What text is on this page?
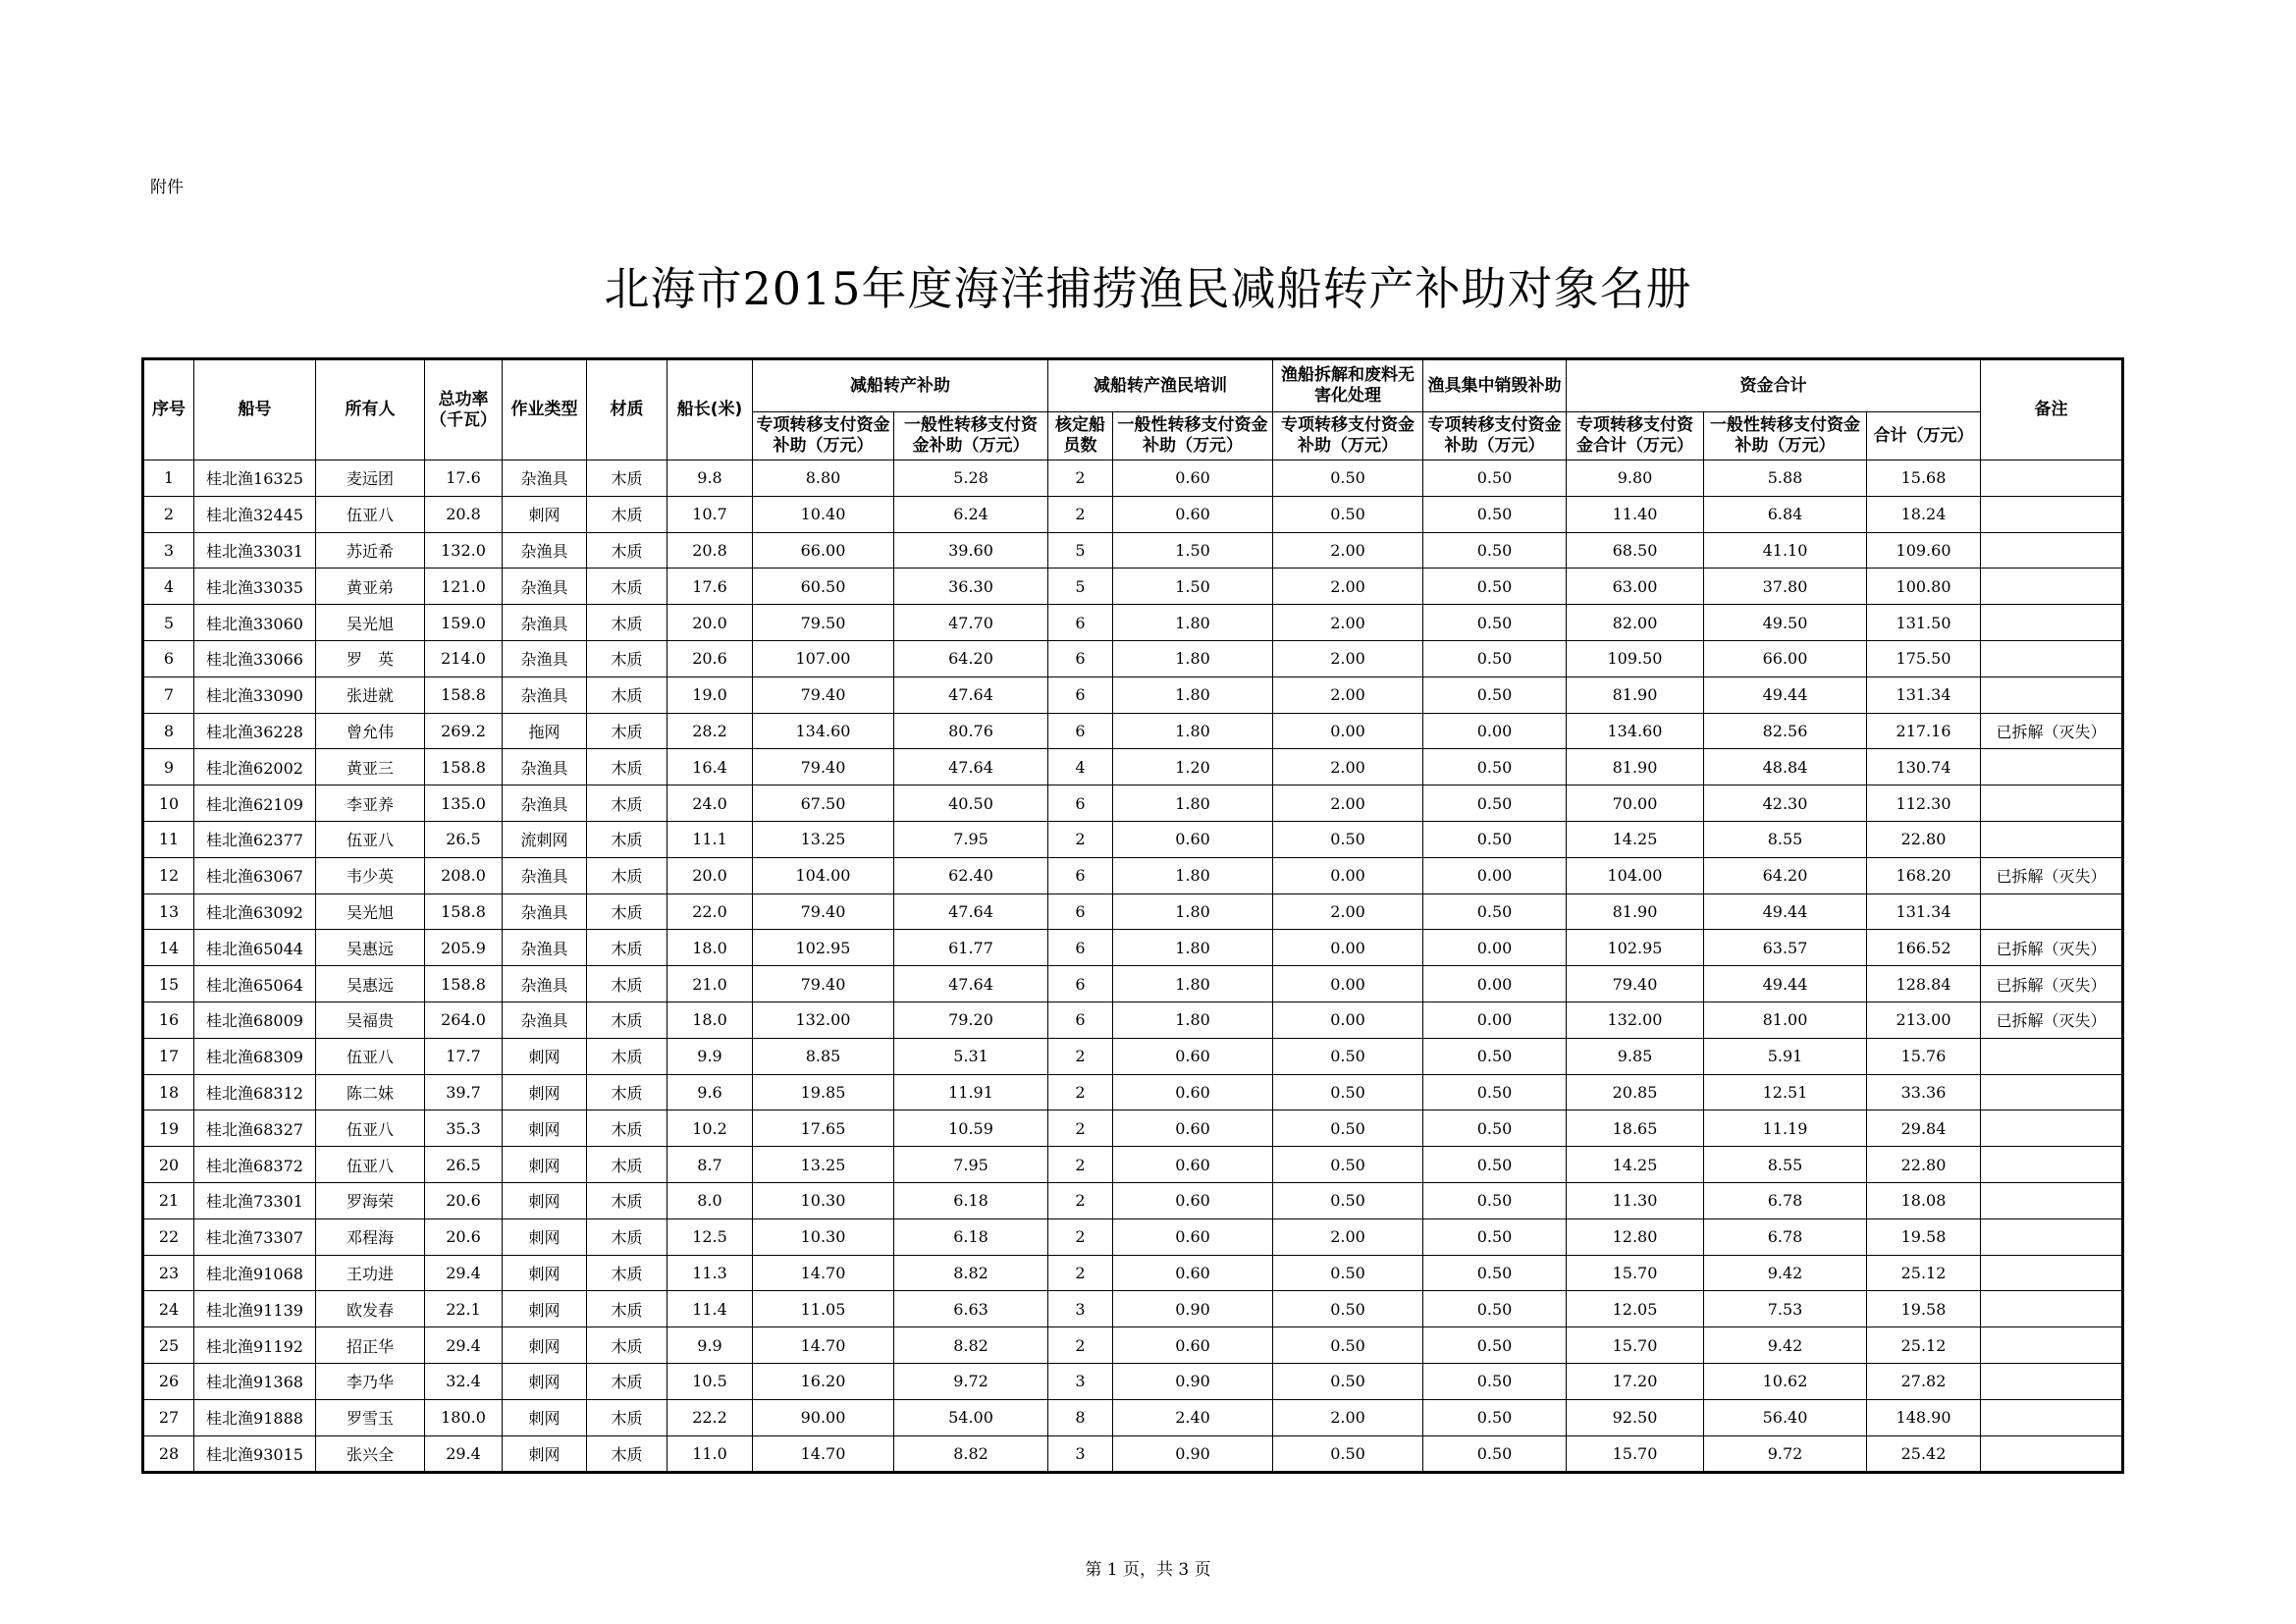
附件
北海市2015年度海洋捕捞渔民减船转产补助对象名册
序号	船号	所有人	总功率（千瓦）	作业类型	材质	船长(米)	减船转产补助		减船转产渔民培训		渔船拆解和废料无害化处理	渔具集中销毁补助	资金合计			备注
							专项转移支付资金补助（万元）	一般性转移支付资金补助（万元）	核定船员数	一般性转移支付资金补助（万元）	专项转移支付资金补助（万元）	专项转移支付资金补助（万元）	专项转移支付资金合计（万元）	一般性转移支付资金补助（万元）	合计（万元）	
1	桂北渔16325	麦远团	17.6	杂渔具	木质	9.8	8.80	5.28	2	0.60	0.50	0.50	9.80	5.88	15.68	
2	桂北渔32445	伍亚八	20.8	刺网	木质	10.7	10.40	6.24	2	0.60	0.50	0.50	11.40	6.84	18.24	
3	桂北渔33031	苏近希	132.0	杂渔具	木质	20.8	66.00	39.60	5	1.50	2.00	0.50	68.50	41.10	109.60	
4	桂北渔33035	黄亚弟	121.0	杂渔具	木质	17.6	60.50	36.30	5	1.50	2.00	0.50	63.00	37.80	100.80	
5	桂北渔33060	吴光旭	159.0	杂渔具	木质	20.0	79.50	47.70	6	1.80	2.00	0.50	82.00	49.50	131.50	
6	桂北渔33066	罗　英	214.0	杂渔具	木质	20.6	107.00	64.20	6	1.80	2.00	0.50	109.50	66.00	175.50	
7	桂北渔33090	张进就	158.8	杂渔具	木质	19.0	79.40	47.64	6	1.80	2.00	0.50	81.90	49.44	131.34	
8	桂北渔36228	曾允伟	269.2	拖网	木质	28.2	134.60	80.76	6	1.80	0.00	0.00	134.60	82.56	217.16	已拆解（灭失）
9	桂北渔62002	黄亚三	158.8	杂渔具	木质	16.4	79.40	47.64	4	1.20	2.00	0.50	81.90	48.84	130.74	
10	桂北渔62109	李亚养	135.0	杂渔具	木质	24.0	67.50	40.50	6	1.80	2.00	0.50	70.00	42.30	112.30	
11	桂北渔62377	伍亚八	26.5	流刺网	木质	11.1	13.25	7.95	2	0.60	0.50	0.50	14.25	8.55	22.80	
12	桂北渔63067	韦少英	208.0	杂渔具	木质	20.0	104.00	62.40	6	1.80	0.00	0.00	104.00	64.20	168.20	已拆解（灭失）
13	桂北渔63092	吴光旭	158.8	杂渔具	木质	22.0	79.40	47.64	6	1.80	2.00	0.50	81.90	49.44	131.34	
14	桂北渔65044	吴惠远	205.9	杂渔具	木质	18.0	102.95	61.77	6	1.80	0.00	0.00	102.95	63.57	166.52	已拆解（灭失）
15	桂北渔65064	吴惠远	158.8	杂渔具	木质	21.0	79.40	47.64	6	1.80	0.00	0.00	79.40	49.44	128.84	已拆解（灭失）
16	桂北渔68009	吴福贵	264.0	杂渔具	木质	18.0	132.00	79.20	6	1.80	0.00	0.00	132.00	81.00	213.00	已拆解（灭失）
17	桂北渔68309	伍亚八	17.7	刺网	木质	9.9	8.85	5.31	2	0.60	0.50	0.50	9.85	5.91	15.76	
18	桂北渔68312	陈二妹	39.7	刺网	木质	9.6	19.85	11.91	2	0.60	0.50	0.50	20.85	12.51	33.36	
19	桂北渔68327	伍亚八	35.3	刺网	木质	10.2	17.65	10.59	2	0.60	0.50	0.50	18.65	11.19	29.84	
20	桂北渔68372	伍亚八	26.5	刺网	木质	8.7	13.25	7.95	2	0.60	0.50	0.50	14.25	8.55	22.80	
21	桂北渔73301	罗海荣	20.6	刺网	木质	8.0	10.30	6.18	2	0.60	0.50	0.50	11.30	6.78	18.08	
22	桂北渔73307	邓程海	20.6	刺网	木质	12.5	10.30	6.18	2	0.60	2.00	0.50	12.80	6.78	19.58	
23	桂北渔91068	王功进	29.4	刺网	木质	11.3	14.70	8.82	2	0.60	0.50	0.50	15.70	9.42	25.12	
24	桂北渔91139	欧发春	22.1	刺网	木质	11.4	11.05	6.63	3	0.90	0.50	0.50	12.05	7.53	19.58	
25	桂北渔91192	招正华	29.4	刺网	木质	9.9	14.70	8.82	2	0.60	0.50	0.50	15.70	9.42	25.12	
26	桂北渔91368	李乃华	32.4	刺网	木质	10.5	16.20	9.72	3	0.90	0.50	0.50	17.20	10.62	27.82	
27	桂北渔91888	罗雪玉	180.0	刺网	木质	22.2	90.00	54.00	8	2.40	2.00	0.50	92.50	56.40	148.90	
28	桂北渔93015	张兴全	29.4	刺网	木质	11.0	14.70	8.82	3	0.90	0.50	0.50	15.70	9.72	25.42	
第 1 页，共 3 页
